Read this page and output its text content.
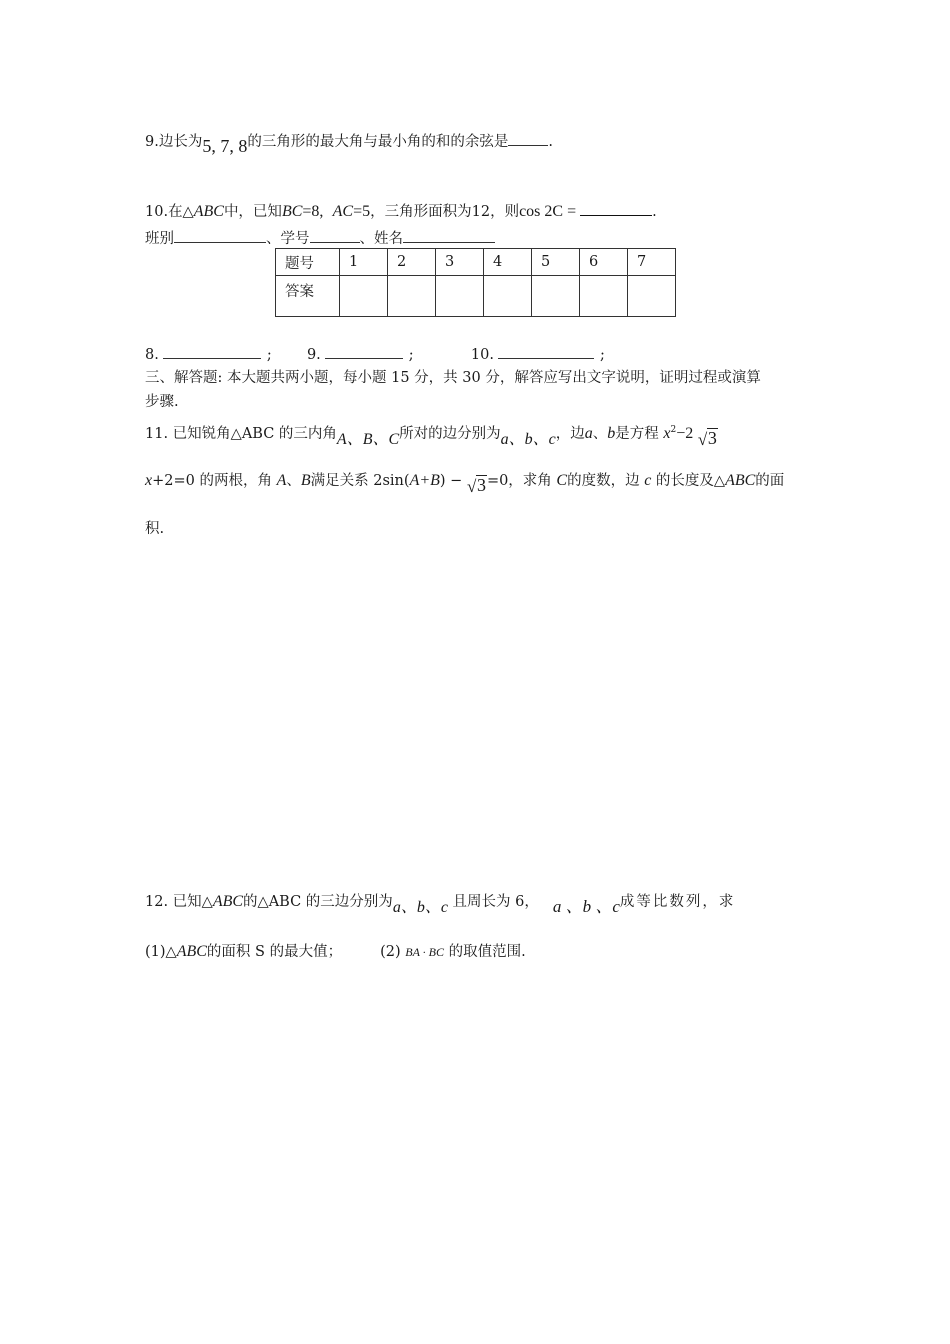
9.边长为5, 7, 8的三角形的最大角与最小角的和的余弦是	.
10.在△ABC中，已知BC=8, AC=5，三角形面积为12，则cos 2C =	.
班别	、学号	、姓名
题号	1	2	3	4	5	6	7
答案							
8.	; 9.	;	10.	;
三、解答题: 本大题共两小题，每小题 15 分，共 30 分，解答应写出文字说明，证明过程或演算
步骤.
11. 已知锐角△ABC 的三内角A、B、C所对的边分别为a、b、c，边a、b是方程 $x^2-2$ √ 3
x+2=0 的两根，角 A、B满足关系 2sin(A+B) − √ 3=0，求角 C的度数，边 c 的长度及△ABC的面
积.
12. 已知△ABC的△ABC 的三边分别为a、b、c 且周长为 6， a 、b 、c成等比数列，求
(1)△ABC的面积 S 的最大值；	(2) BA · BC 的取值范围.
